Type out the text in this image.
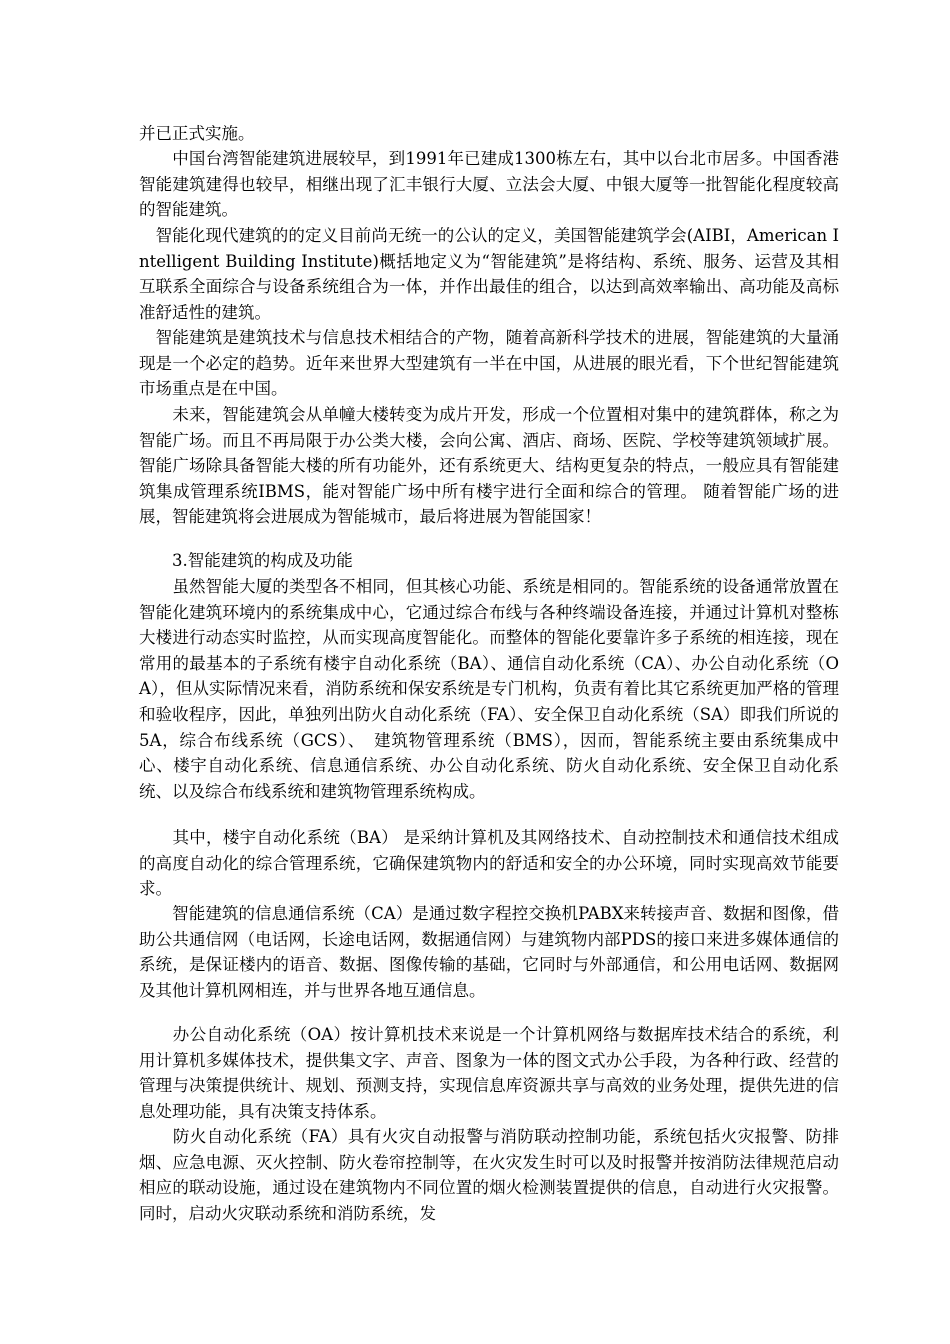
并已正式实施。
　　中国台湾智能建筑进展较早，到1991年已建成1300栋左右，其中以台北市居多。中国香港智能建筑建得也较早，相继出现了汇丰银行大厦、立法会大厦、中银大厦等一批智能化程度较高的智能建筑。
　智能化现代建筑的的定义目前尚无统一的公认的定义，美国智能建筑学会(AIBI，American Intelligent Building Institute)概括地定义为“智能建筑”是将结构、系统、服务、运营及其相互联系全面综合与设备系统组合为一体，并作出最佳的组合，以达到高效率输出、高功能及高标准舒适性的建筑。
　智能建筑是建筑技术与信息技术相结合的产物，随着高新科学技术的进展，智能建筑的大量涌现是一个必定的趋势。近年来世界大型建筑有一半在中国，从进展的眼光看，下个世纪智能建筑市场重点是在中国。
　　未来，智能建筑会从单幢大楼转变为成片开发，形成一个位置相对集中的建筑群体，称之为智能广场。而且不再局限于办公类大楼，会向公寓、酒店、商场、医院、学校等建筑领域扩展。智能广场除具备智能大楼的所有功能外，还有系统更大、结构更复杂的特点，一般应具有智能建筑集成管理系统IBMS，能对智能广场中所有楼宇进行全面和综合的管理。 随着智能广场的进展，智能建筑将会进展成为智能城市，最后将进展为智能国家！
3.智能建筑的构成及功能
　　虽然智能大厦的类型各不相同，但其核心功能、系统是相同的。智能系统的设备通常放置在智能化建筑环境内的系统集成中心，它通过综合布线与各种终端设备连接，并通过计算机对整栋大楼进行动态实时监控，从而实现高度智能化。而整体的智能化要靠许多子系统的相连接，现在常用的最基本的子系统有楼宇自动化系统（BA）、通信自动化系统（CA）、办公自动化系统（OA），但从实际情况来看，消防系统和保安系统是专门机构，负责有着比其它系统更加严格的管理和验收程序，因此，单独列出防火自动化系统（FA）、安全保卫自动化系统（SA）即我们所说的5A，综合布线系统（GCS）、　建筑物管理系统（BMS），因而，智能系统主要由系统集成中心、楼宇自动化系统、信息通信系统、办公自动化系统、防火自动化系统、安全保卫自动化系统、以及综合布线系统和建筑物管理系统构成。
　　其中，楼宇自动化系统（BA） 是采纳计算机及其网络技术、自动控制技术和通信技术组成的高度自动化的综合管理系统，它确保建筑物内的舒适和安全的办公环境，同时实现高效节能要求。
　　智能建筑的信息通信系统（CA）是通过数字程控交换机PABX来转接声音、数据和图像，借助公共通信网（电话网，长途电话网，数据通信网）与建筑物内部PDS的接口来进多媒体通信的系统，是保证楼内的语音、数据、图像传输的基础，它同时与外部通信，和公用电话网、数据网及其他计算机网相连，并与世界各地互通信息。
　　办公自动化系统（OA）按计算机技术来说是一个计算机网络与数据库技术结合的系统，利用计算机多媒体技术，提供集文字、声音、图象为一体的图文式办公手段，为各种行政、经营的管理与决策提供统计、规划、预测支持，实现信息库资源共享与高效的业务处理，提供先进的信息处理功能，具有决策支持体系。
　　防火自动化系统（FA）具有火灾自动报警与消防联动控制功能，系统包括火灾报警、防排烟、应急电源、灭火控制、防火卷帘控制等，在火灾发生时可以及时报警并按消防法律规范启动相应的联动设施，通过设在建筑物内不同位置的烟火检测装置提供的信息，自动进行火灾报警。同时，启动火灾联动系统和消防系统，发
